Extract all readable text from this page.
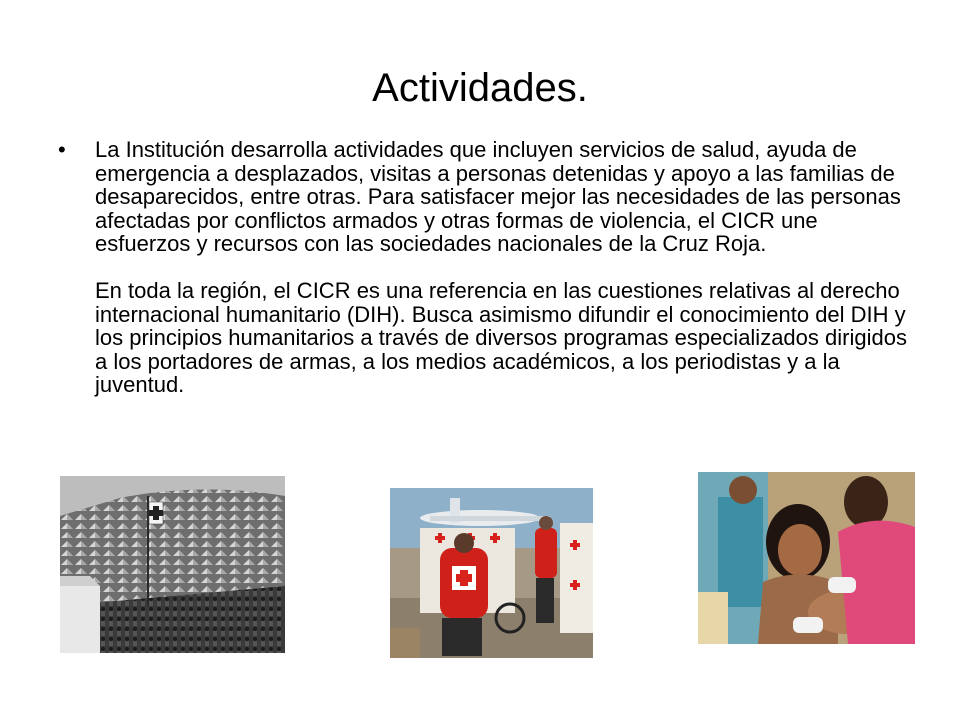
Actividades.
• La Institución desarrolla actividades que incluyen servicios de salud, ayuda de emergencia a desplazados, visitas a personas detenidas y apoyo a las familias de desaparecidos, entre otras. Para satisfacer mejor las necesidades de las personas afectadas por conflictos armados y otras formas de violencia, el CICR une esfuerzos y recursos con las sociedades nacionales de la Cruz Roja.

En toda la región, el CICR es una referencia en las cuestiones relativas al derecho internacional humanitario (DIH). Busca asimismo difundir el conocimiento del DIH y los principios humanitarios a través de diversos programas especializados dirigidos a los portadores de armas, a los medios académicos, a los periodistas y a la juventud.
